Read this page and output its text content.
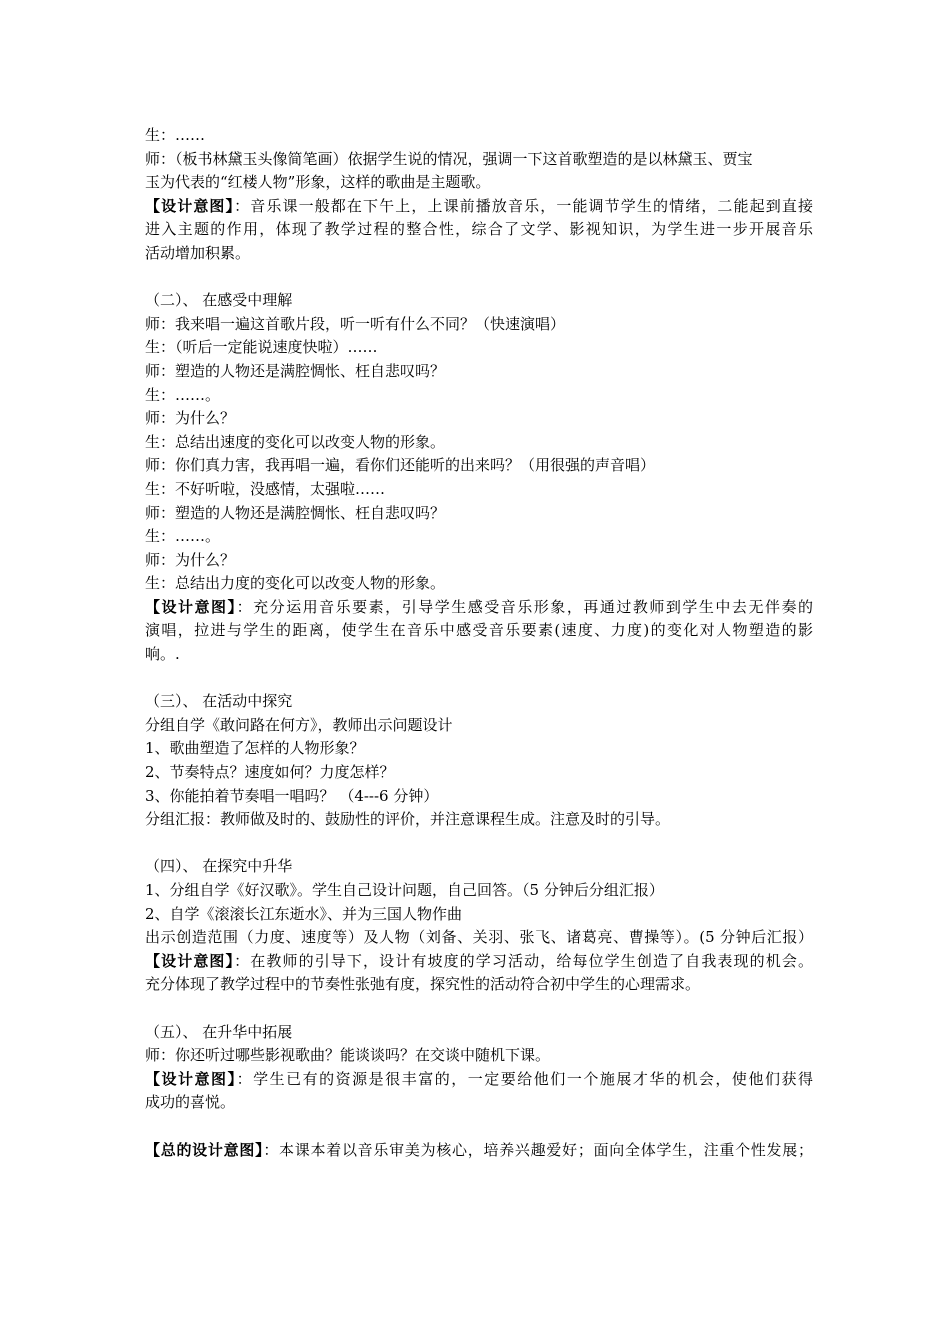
生：……
师：（板书林黛玉头像简笔画）依据学生说的情况，强调一下这首歌塑造的是以林黛玉、贾宝
玉为代表的“红楼人物”形象，这样的歌曲是主题歌。
【设计意图】：音乐课一般都在下午上，上课前播放音乐，一能调节学生的情绪，二能起到直接
进入主题的作用，体现了教学过程的整合性，综合了文学、影视知识，为学生进一步开展音乐
活动增加积累。
（二）、 在感受中理解
师：我来唱一遍这首歌片段，听一听有什么不同？（快速演唱）
生：（听后一定能说速度快啦）……
师：塑造的人物还是满腔惆怅、枉自悲叹吗？
生：……。
师：为什么？
生：总结出速度的变化可以改变人物的形象。
师：你们真力害，我再唱一遍，看你们还能听的出来吗？（用很强的声音唱）
生：不好听啦，没感情，太强啦……
师：塑造的人物还是满腔惆怅、枉自悲叹吗？
生：……。
师：为什么？
生：总结出力度的变化可以改变人物的形象。
【设计意图】：充分运用音乐要素，引导学生感受音乐形象，再通过教师到学生中去无伴奏的
演唱，拉进与学生的距离，使学生在音乐中感受音乐要素(速度、力度)的变化对人物塑造的影
响。.
（三）、 在活动中探究
分组自学《敢问路在何方》，教师出示问题设计
1、歌曲塑造了怎样的人物形象？
2、节奏特点？速度如何？力度怎样？
3、你能拍着节奏唱一唱吗？ （4---6 分钟）
分组汇报：教师做及时的、鼓励性的评价，并注意课程生成。注意及时的引导。
（四）、 在探究中升华
1、分组自学《好汉歌》。学生自己设计问题，自己回答。（5 分钟后分组汇报）
2、自学《滚滚长江东逝水》、并为三国人物作曲
出示创造范围（力度、速度等）及人物（刘备、关羽、张飞、诸葛亮、曹操等）。(5 分钟后汇报）
【设计意图】：在教师的引导下，设计有坡度的学习活动，给每位学生创造了自我表现的机会。
充分体现了教学过程中的节奏性张弛有度，探究性的活动符合初中学生的心理需求。
（五）、 在升华中拓展
师：你还听过哪些影视歌曲？能谈谈吗？在交谈中随机下课。
【设计意图】：学生已有的资源是很丰富的，一定要给他们一个施展才华的机会，使他们获得
成功的喜悦。
【总的设计意图】：本课本着以音乐审美为核心，培养兴趣爱好；面向全体学生，注重个性发展；
